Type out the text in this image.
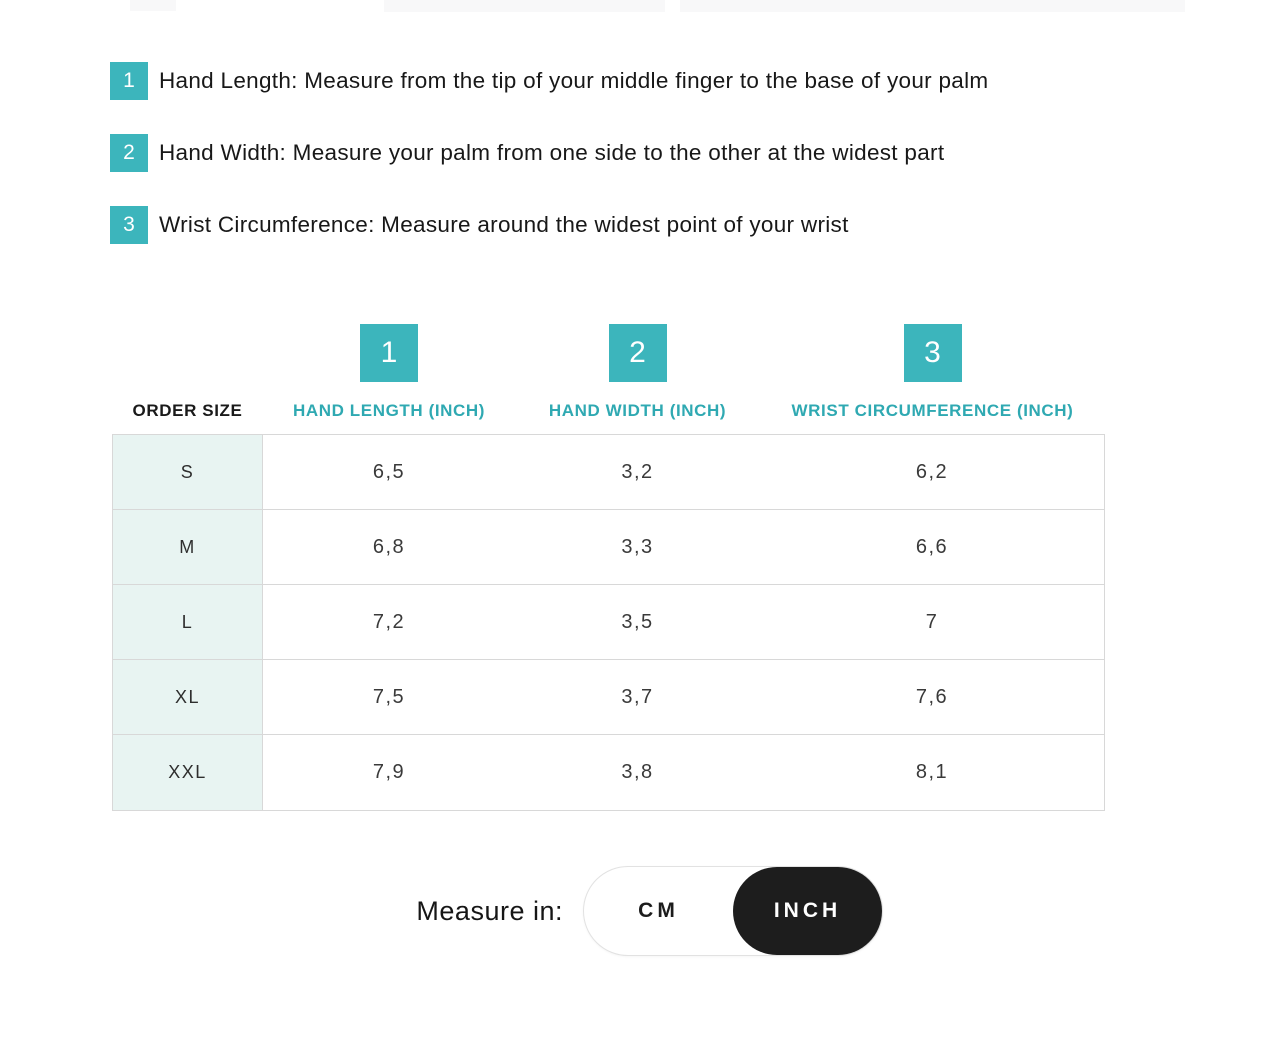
1	Hand Length: Measure from the tip of your middle finger to the base of your palm
2	Hand Width: Measure your palm from one side to the other at the widest part
3	Wrist Circumference: Measure around the widest point of your wrist
1	2	3
ORDER SIZE	HAND LENGTH (INCH)	HAND WIDTH (INCH)	WRIST CIRCUMFERENCE (INCH)
S	6,5	3,2	6,2
M	6,8	3,3	6,6
L	7,2	3,5	7
XL	7,5	3,7	7,6
XXL	7,9	3,8	8,1
Measure in:	CM	INCH
